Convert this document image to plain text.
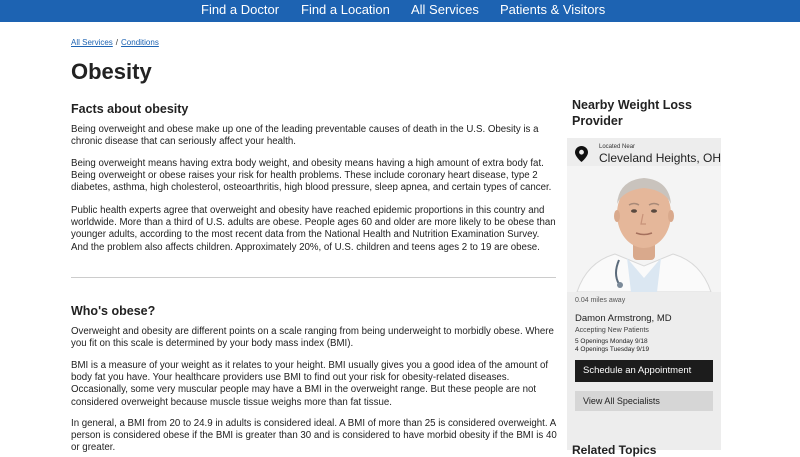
Find a Doctor Find a Location All Services Patients & Visitors
All Services / Conditions
Obesity
Facts about obesity

Being overweight and obese make up one of the leading preventable causes of death in the U.S. Obesity is a chronic disease that can seriously affect your health.

Being overweight means having extra body weight, and obesity means having a high amount of extra body fat. Being overweight or obese raises your risk for health problems. These include coronary heart disease, type 2 diabetes, asthma, high cholesterol, osteoarthritis, high blood pressure, sleep apnea, and certain types of cancer.

Public health experts agree that overweight and obesity have reached epidemic proportions in this country and worldwide. More than a third of U.S. adults are obese. People ages 60 and older are more likely to be obese than younger adults, according to the most recent data from the National Health and Nutrition Examination Survey. And the problem also affects children. Approximately 20%, of U.S. children and teens ages 2 to 19 are obese.

Who's obese?

Overweight and obesity are different points on a scale ranging from being underweight to morbidly obese. Where you fit on this scale is determined by your body mass index (BMI).

BMI is a measure of your weight as it relates to your height. BMI usually gives you a good idea of the amount of body fat you have. Your healthcare providers use BMI to find out your risk for obesity-related diseases. Occasionally, some very muscular people may have a BMI in the overweight range. But these people are not considered overweight because muscle tissue weighs more than fat tissue.

In general, a BMI from 20 to 24.9 in adults is considered ideal. A BMI of more than 25 is considered overweight. A person is considered obese if the BMI is greater than 30 and is considered to have morbid obesity if the BMI is 40 or greater.

Nearby Weight Loss Provider
Located Near
Cleveland Heights, OH
0.04 miles away
Damon Armstrong, MD
Accepting New Patients
5 Openings Monday 9/18
4 Openings Tuesday 9/19
Schedule an Appointment
View All Specialists
Related Topics
